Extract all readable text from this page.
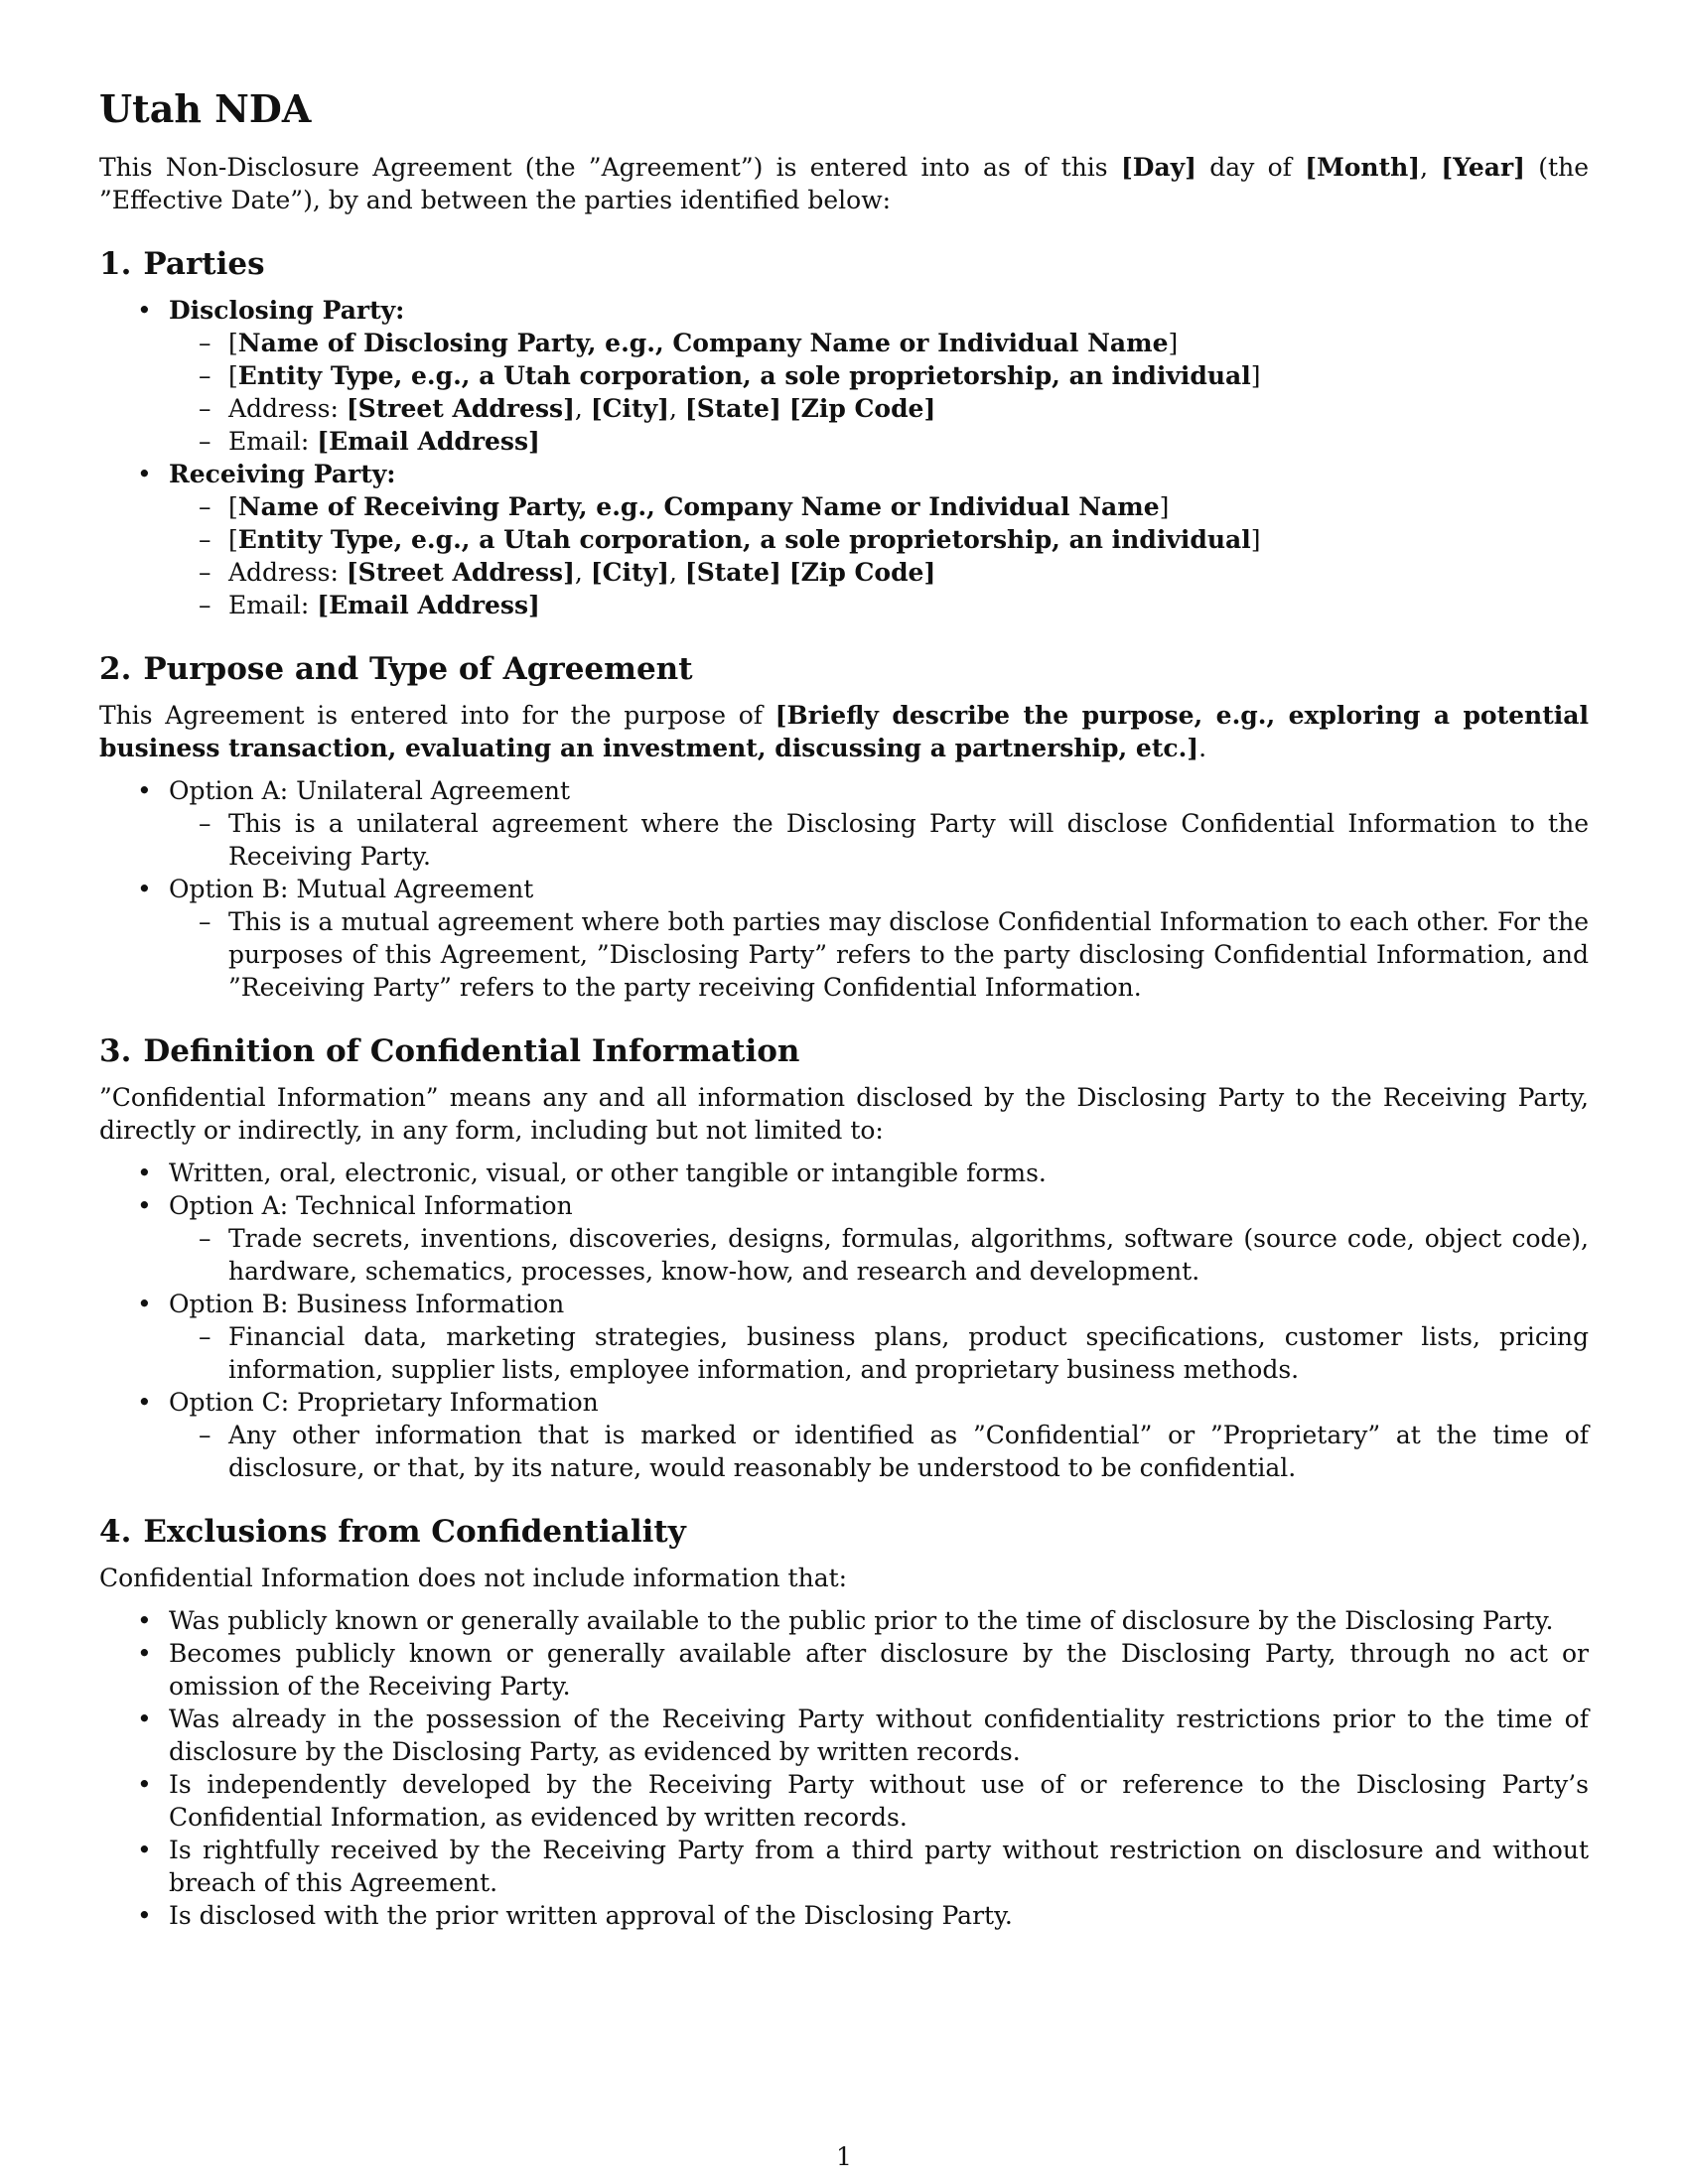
Utah NDA

This Non-Disclosure Agreement (the ”Agreement”) is entered into as of this [Day] day of [Month], [Year] (the ”Effective Date”), by and between the parties identified below:

1. Parties
• Disclosing Party:
– [Name of Disclosing Party, e.g., Company Name or Individual Name]
– [Entity Type, e.g., a Utah corporation, a sole proprietorship, an individual]
– Address: [Street Address], [City], [State] [Zip Code]
– Email: [Email Address]
• Receiving Party:
– [Name of Receiving Party, e.g., Company Name or Individual Name]
– [Entity Type, e.g., a Utah corporation, a sole proprietorship, an individual]
– Address: [Street Address], [City], [State] [Zip Code]
– Email: [Email Address]
2. Purpose and Type of Agreement

This Agreement is entered into for the purpose of [Briefly describe the purpose, e.g., exploring a potential business transaction, evaluating an investment, discussing a partnership, etc.].

• Option A: Unilateral Agreement
– This is a unilateral agreement where the Disclosing Party will disclose Confidential Information to the Receiving Party.
• Option B: Mutual Agreement
– This is a mutual agreement where both parties may disclose Confidential Information to each other. For the purposes of this Agreement, ”Disclosing Party” refers to the party disclosing Confidential Information, and ”Receiving Party” refers to the party receiving Confidential Information.
3. Definition of Confidential Information

”Confidential Information” means any and all information disclosed by the Disclosing Party to the Receiving Party, directly or indirectly, in any form, including but not limited to:

• Written, oral, electronic, visual, or other tangible or intangible forms.
• Option A: Technical Information
– Trade secrets, inventions, discoveries, designs, formulas, algorithms, software (source code, object code), hardware, schematics, processes, know-how, and research and development.
• Option B: Business Information
– Financial data, marketing strategies, business plans, product specifications, customer lists, pricing information, supplier lists, employee information, and proprietary business methods.
• Option C: Proprietary Information
– Any other information that is marked or identified as ”Confidential” or ”Proprietary” at the time of disclosure, or that, by its nature, would reasonably be understood to be confidential.
4. Exclusions from Confidentiality

Confidential Information does not include information that:

• Was publicly known or generally available to the public prior to the time of disclosure by the Disclosing Party.
• Becomes publicly known or generally available after disclosure by the Disclosing Party, through no act or omission of the Receiving Party.
• Was already in the possession of the Receiving Party without confidentiality restrictions prior to the time of disclosure by the Disclosing Party, as evidenced by written records.
• Is independently developed by the Receiving Party without use of or reference to the Disclosing Party’s Confidential Information, as evidenced by written records.
• Is rightfully received by the Receiving Party from a third party without restriction on disclosure and without breach of this Agreement.
• Is disclosed with the prior written approval of the Disclosing Party.
1
